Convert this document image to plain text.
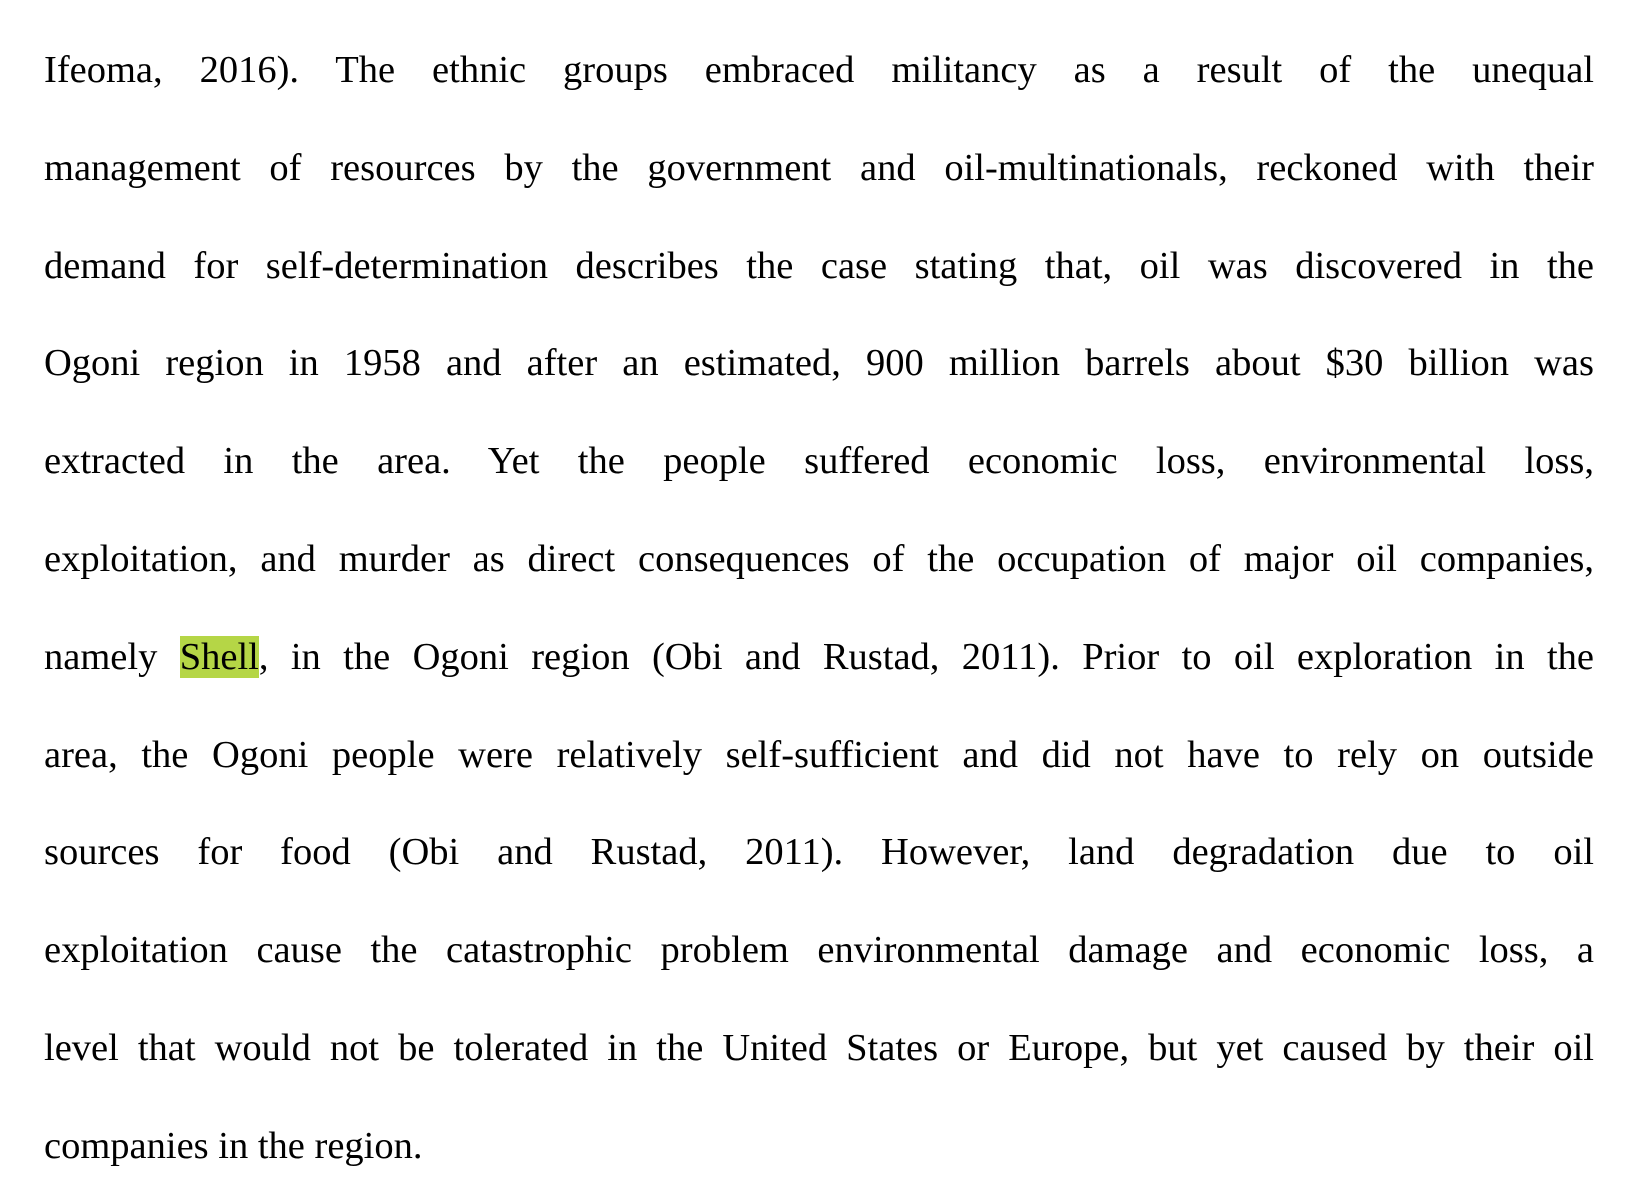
Ifeoma, 2016). The ethnic groups embraced militancy as a result of the unequal
management of resources by the government and oil-multinationals, reckoned with their
demand for self-determination describes the case stating that, oil was discovered in the
Ogoni region in 1958 and after an estimated, 900 million barrels about $30 billion was
extracted in the area. Yet the people suffered economic loss, environmental loss,
exploitation, and murder as direct consequences of the occupation of major oil companies,
namely Shell, in the Ogoni region (Obi and Rustad, 2011). Prior to oil exploration in the
area, the Ogoni people were relatively self-sufficient and did not have to rely on outside
sources for food (Obi and Rustad, 2011). However, land degradation due to oil
exploitation cause the catastrophic problem environmental damage and economic loss, a
level that would not be tolerated in the United States or Europe, but yet caused by their oil
companies in the region.
